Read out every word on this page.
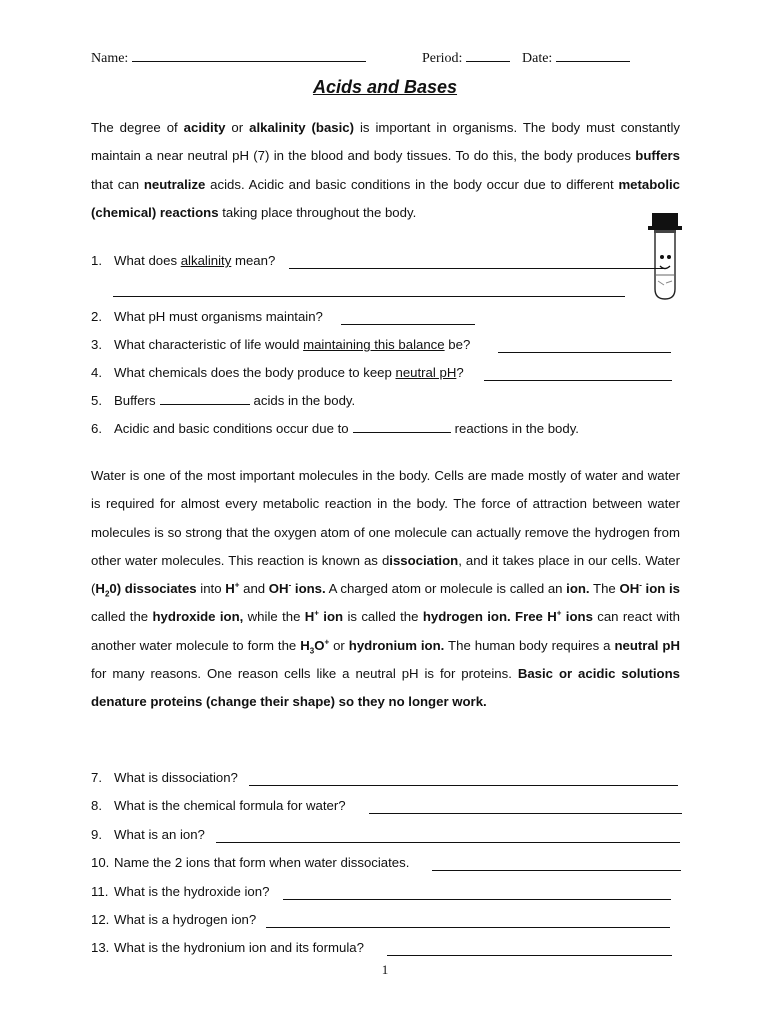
Name:	Period:	Date:
Acids and Bases
The degree of acidity or alkalinity (basic) is important in organisms. The body must constantly maintain a near neutral pH (7) in the blood and body tissues. To do this, the body produces buffers that can neutralize acids. Acidic and basic conditions in the body occur due to different metabolic (chemical) reactions taking place throughout the body.
1. What does alkalinity mean?
2. What pH must organisms maintain?
3. What characteristic of life would maintaining this balance be?
4. What chemicals does the body produce to keep neutral pH?
5. Buffers	acids in the body.
6. Acidic and basic conditions occur due to	reactions in the body.
Water is one of the most important molecules in the body. Cells are made mostly of water and water is required for almost every metabolic reaction in the body. The force of attraction between water molecules is so strong that the oxygen atom of one molecule can actually remove the hydrogen from other water molecules. This reaction is known as dissociation, and it takes place in our cells. Water $(H_20)$ dissociates into H+ and OH- ions. A charged atom or molecule is called an ion. The OH- ion is called the hydroxide ion, while the H+ ion is called the hydrogen ion. Free H+ ions can react with another water molecule to form the $H_3O^+$ or hydronium ion. The human body requires a neutral pH for many reasons. One reason cells like a neutral pH is for proteins. Basic or acidic solutions denature proteins (change their shape) so they no longer work.
7. What is dissociation?
8. What is the chemical formula for water?
9. What is an ion?
10. Name the 2 ions that form when water dissociates.
11. What is the hydroxide ion?
12. What is a hydrogen ion?
13. What is the hydronium ion and its formula?
1
